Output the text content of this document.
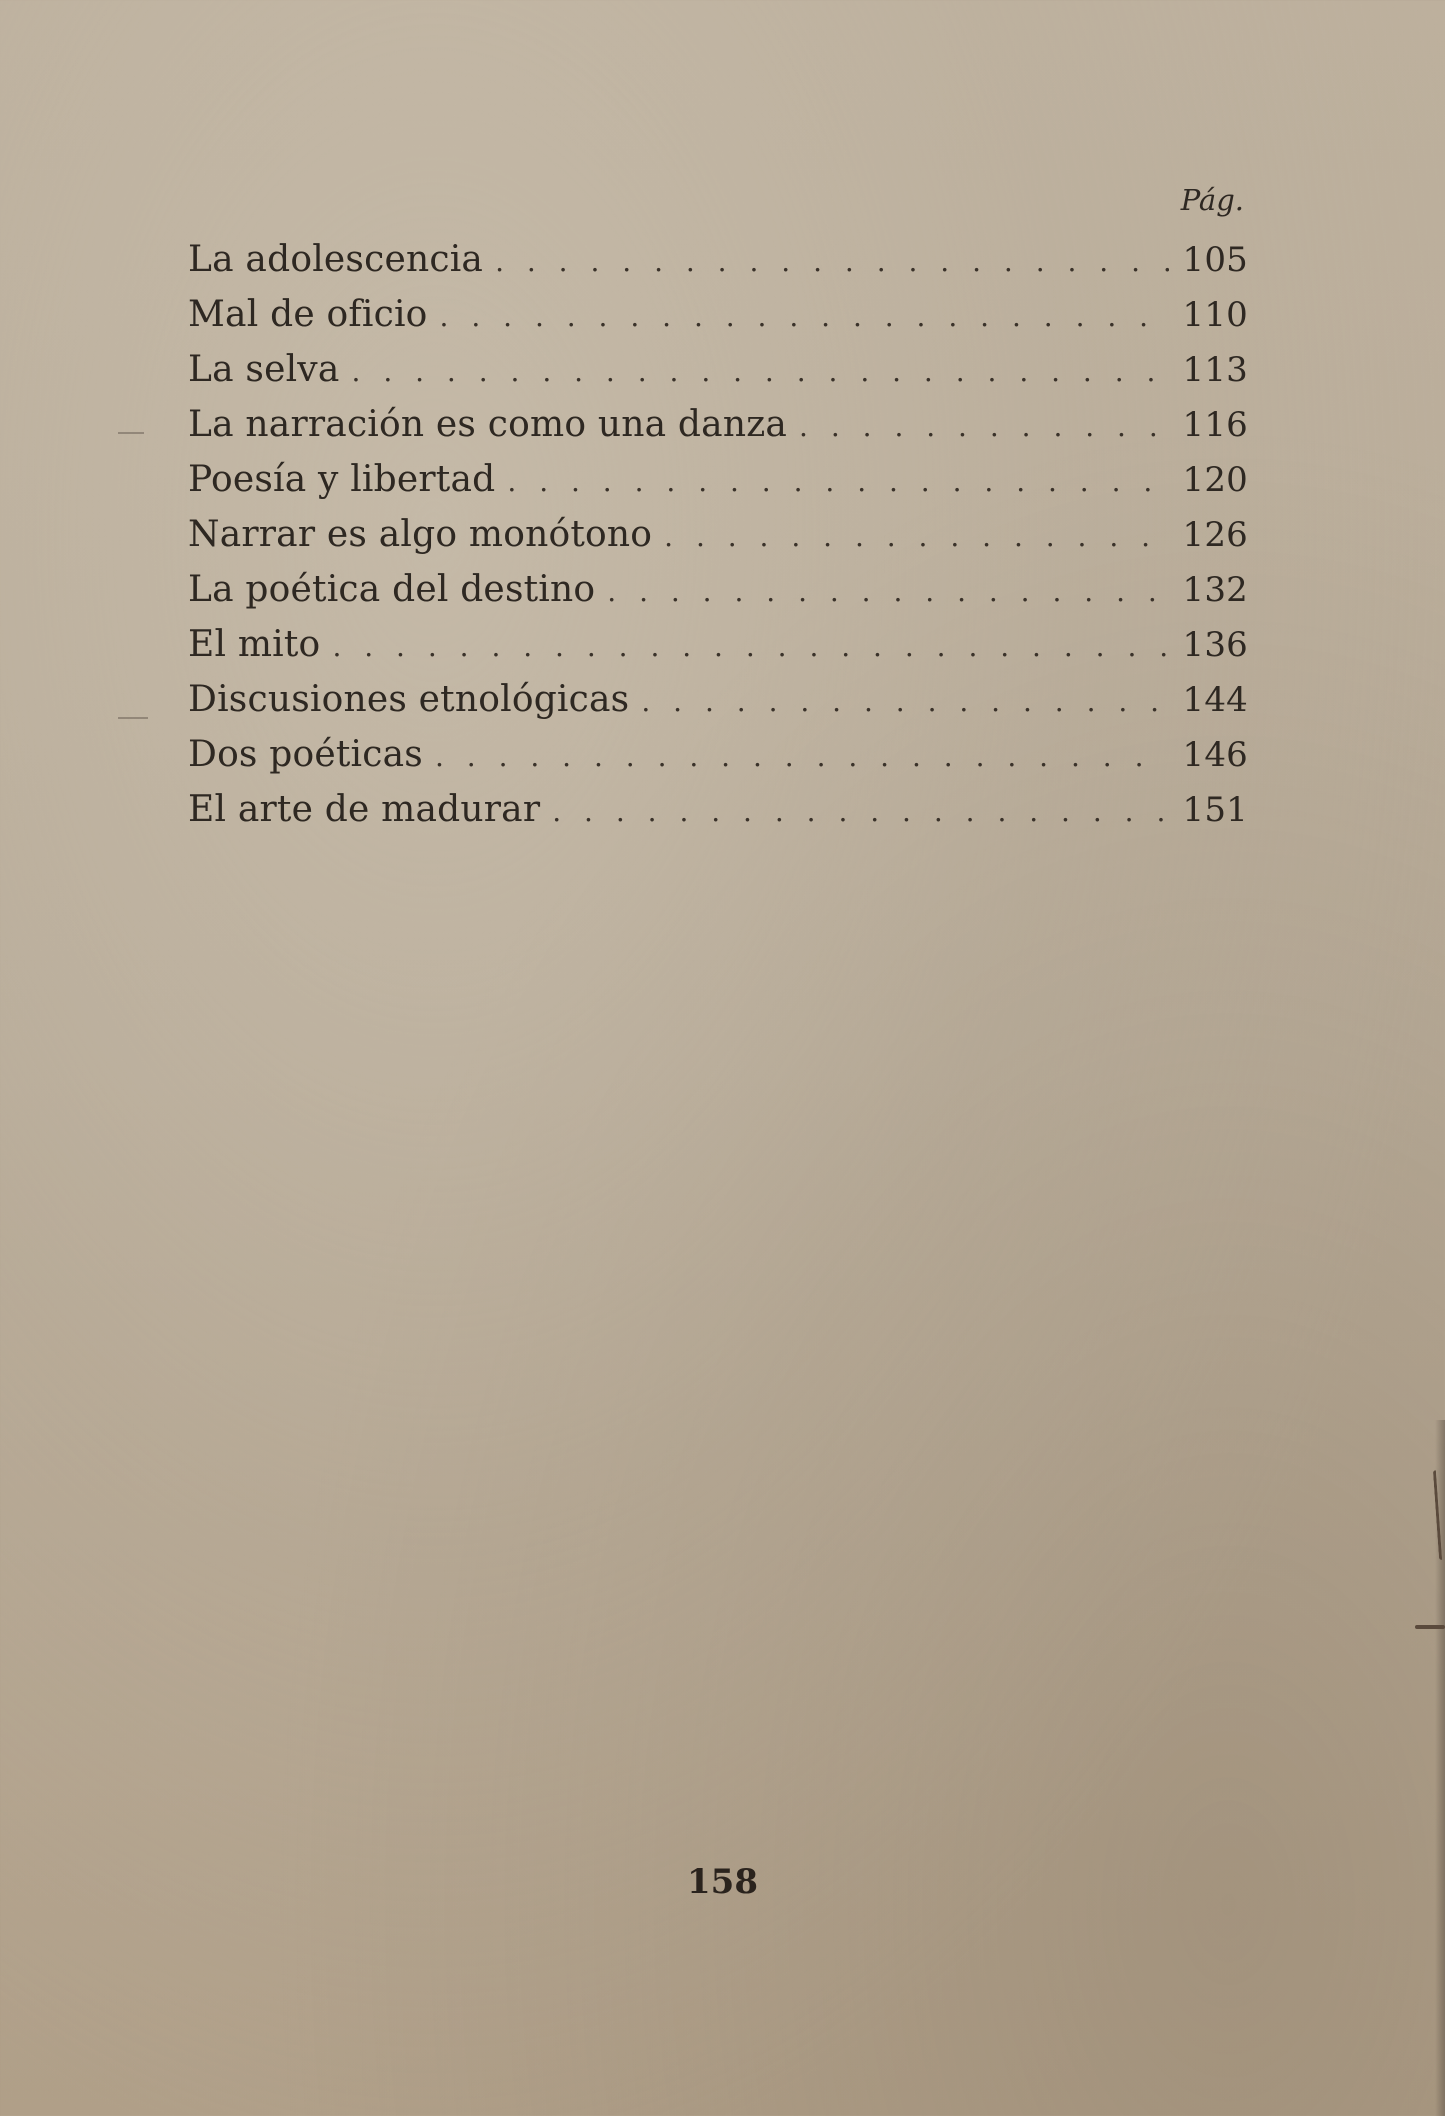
Pág.
La adolescencia . . .	105
Mal de oficio . . .	110
La selva . . .	113
La narración es como una danza . . .	116
Poesía y libertad . . .	120
Narrar es algo monótono . . .	126
La poética del destino . . .	132
El mito . . .	136
Discusiones etnológicas . . .	144
Dos poéticas . . .	146
El arte de madurar . . .	151
158
